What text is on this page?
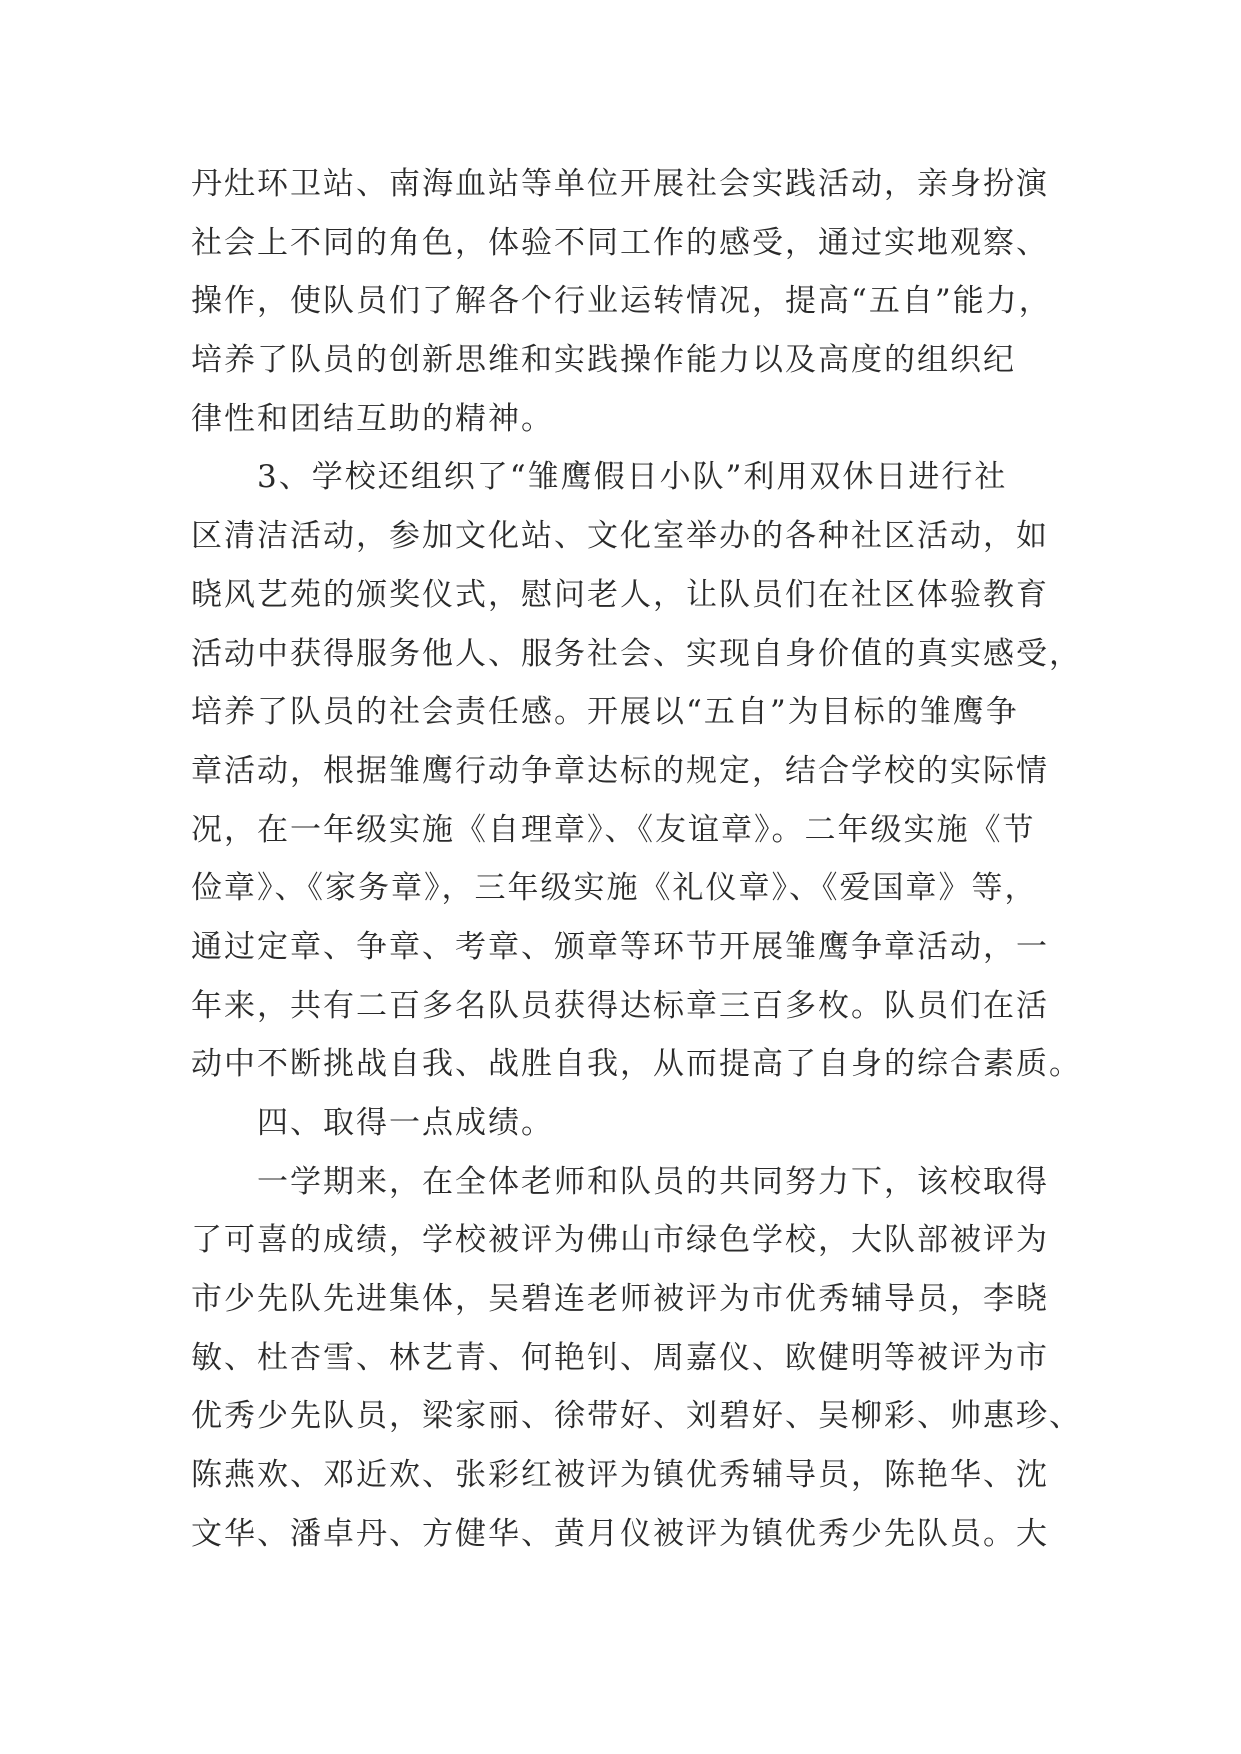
丹灶环卫站、南海血站等单位开展社会实践活动，亲身扮演
社会上不同的角色，体验不同工作的感受，通过实地观察、
操作，使队员们了解各个行业运转情况，提高“五自”能力，
培养了队员的创新思维和实践操作能力以及高度的组织纪
律性和团结互助的精神。
3、学校还组织了“雏鹰假日小队”利用双休日进行社
区清洁活动，参加文化站、文化室举办的各种社区活动，如
晓风艺苑的颁奖仪式，慰问老人，让队员们在社区体验教育
活动中获得服务他人、服务社会、实现自身价值的真实感受，
培养了队员的社会责任感。开展以“五自”为目标的雏鹰争
章活动，根据雏鹰行动争章达标的规定，结合学校的实际情
况，在一年级实施《自理章》、《友谊章》。二年级实施《节
俭章》、《家务章》，三年级实施《礼仪章》、《爱国章》等，
通过定章、争章、考章、颁章等环节开展雏鹰争章活动，一
年来，共有二百多名队员获得达标章三百多枚。队员们在活
动中不断挑战自我、战胜自我，从而提高了自身的综合素质。
四、取得一点成绩。
一学期来，在全体老师和队员的共同努力下，该校取得
了可喜的成绩，学校被评为佛山市绿色学校，大队部被评为
市少先队先进集体，吴碧连老师被评为市优秀辅导员，李晓
敏、杜杏雪、林艺青、何艳钊、周嘉仪、欧健明等被评为市
优秀少先队员，梁家丽、徐带好、刘碧好、吴柳彩、帅惠珍、
陈燕欢、邓近欢、张彩红被评为镇优秀辅导员，陈艳华、沈
文华、潘卓丹、方健华、黄月仪被评为镇优秀少先队员。大
